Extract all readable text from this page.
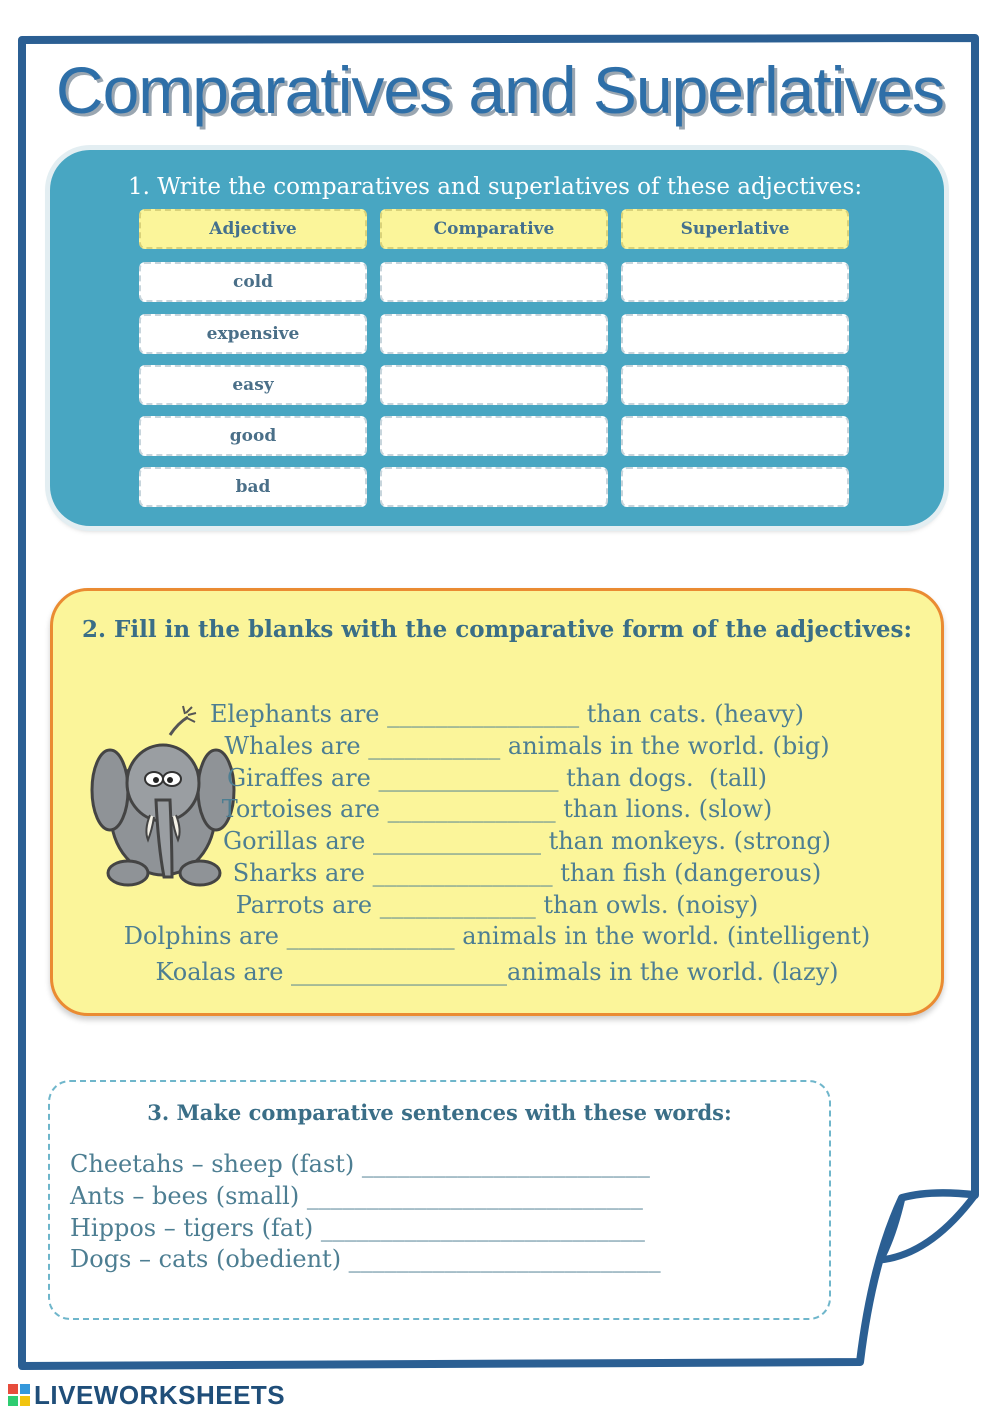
Comparatives and Superlatives
1. Write the comparatives and superlatives of these adjectives:
Adjective	Comparative	Superlative
cold
expensive
easy
good
bad
2. Fill in the blanks with the comparative form of the adjectives:
Elephants are ________________ than cats. (heavy)
Whales are ___________ animals in the world. (big)
Giraffes are _______________ than dogs.  (tall)
Tortoises are ______________ than lions. (slow)
Gorillas are ______________ than monkeys. (strong)
Sharks are _______________ than fish (dangerous)
Parrots are _____________ than owls. (noisy)
Dolphins are ______________ animals in the world. (intelligent)
Koalas are __________________animals in the world. (lazy)
3. Make comparative sentences with these words:
Cheetahs – sheep (fast) ________________________
Ants – bees (small) ____________________________
Hippos – tigers (fat) ___________________________
Dogs – cats (obedient) __________________________
LIVEWORKSHEETS
